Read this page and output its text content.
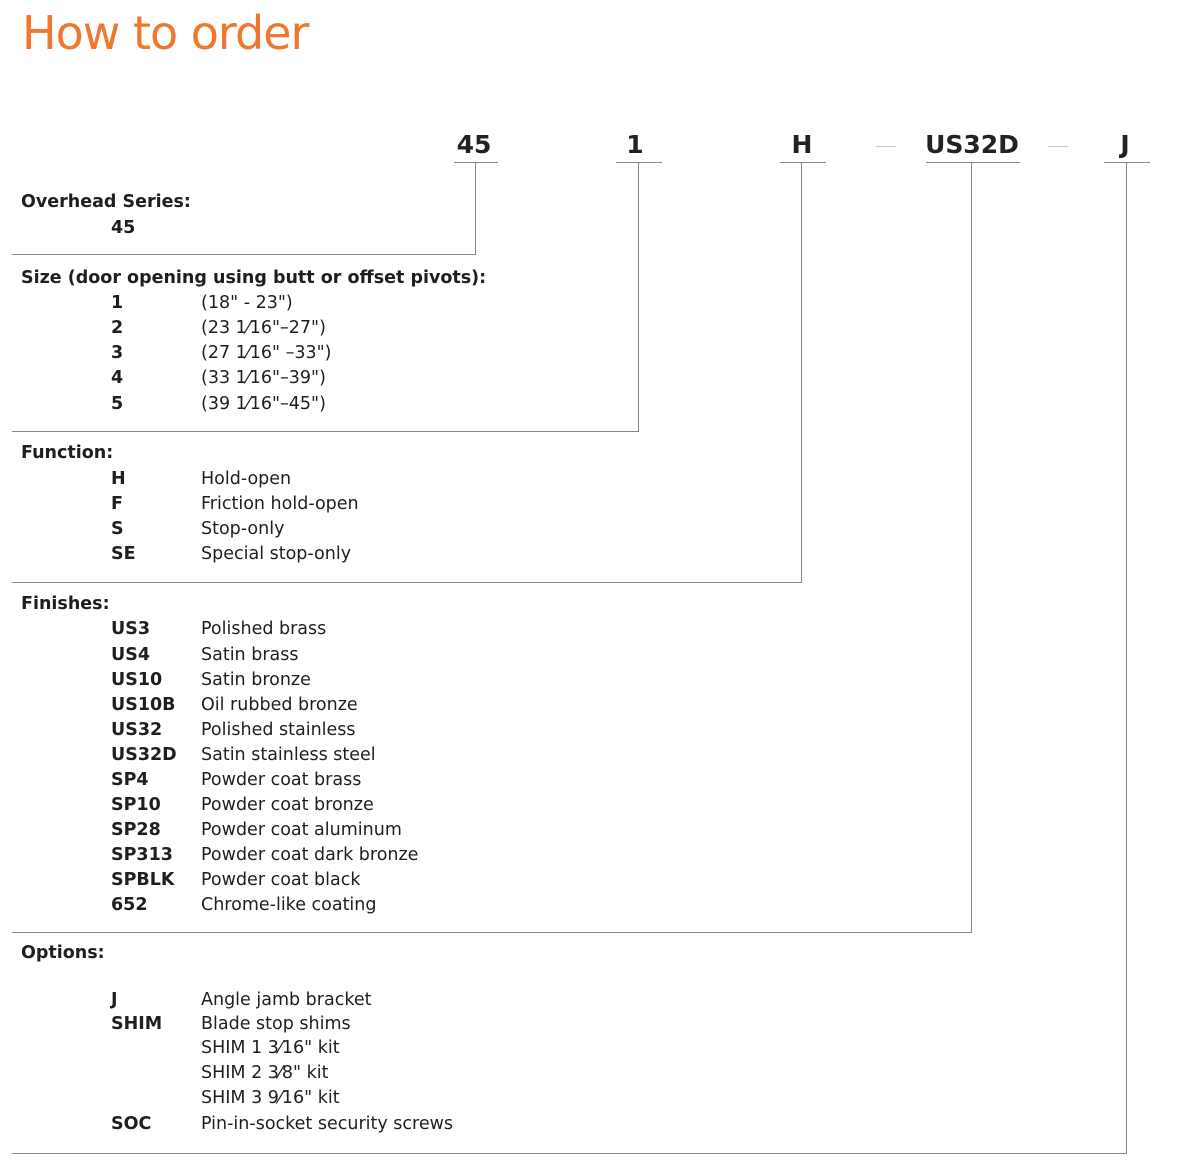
How to order
45	1	H	US32D	J
Overhead Series:
45
Size (door opening using butt or offset pivots):
1	(18" - 23")
2	(23 1⁄16"–27")
3	(27 1⁄16" –33")
4	(33 1⁄16"–39")
5	(39 1⁄16"–45")
Function:
H	Hold-open
F	Friction hold-open
S	Stop-only
SE	Special stop-only
Finishes:
US3	Polished brass
US4	Satin brass
US10 Satin bronze
US10B Oil rubbed bronze
US32 Polished stainless
US32D Satin stainless steel
SP4	Powder coat brass
SP10 Powder coat bronze
SP28 Powder coat aluminum
SP313 Powder coat dark bronze
SPBLK Powder coat black
652	Chrome-like coating
Options:
J	Angle jamb bracket
SHIM Blade stop shims
SHIM 1 3⁄16" kit
SHIM 2 3⁄8" kit
SHIM 3 9⁄16" kit
SOC	Pin-in-socket security screws
